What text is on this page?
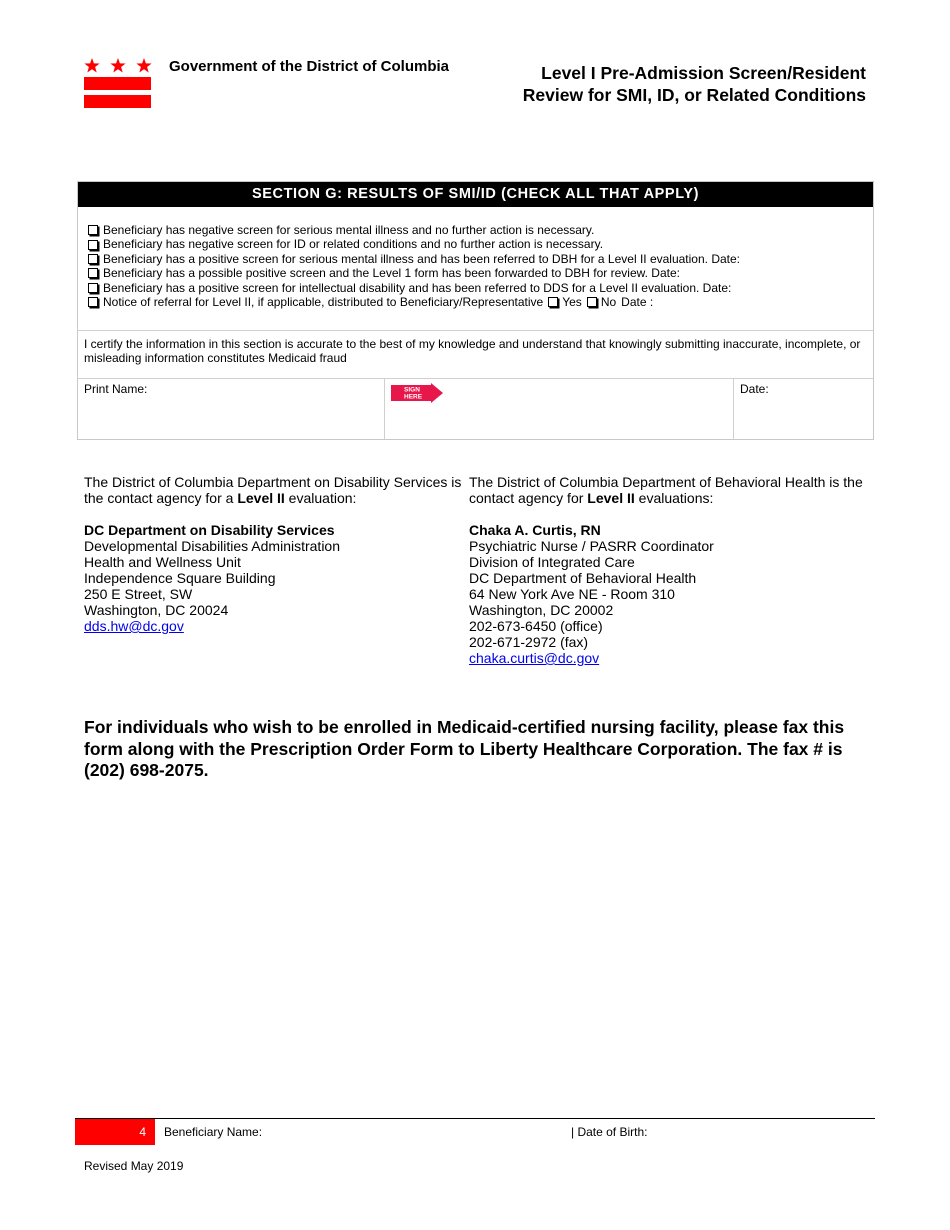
Government of the District of Columbia	Level I Pre-Admission Screen/Resident
Review for SMI, ID, or Related Conditions
SECTION G: RESULTS OF SMI/ID (CHECK ALL THAT APPLY)
Beneficiary has negative screen for serious mental illness and no further action is necessary.
Beneficiary has negative screen for ID or related conditions and no further action is necessary.
Beneficiary has a positive screen for serious mental illness and has been referred to DBH for a Level II evaluation. Date:
Beneficiary has a possible positive screen and the Level 1 form has been forwarded to DBH for review. Date:
Beneficiary has a positive screen for intellectual disability and has been referred to DDS for a Level II evaluation. Date:
Notice of referral for Level II, if applicable, distributed to Beneficiary/Representative Yes No Date :
I certify the information in this section is accurate to the best of my knowledge and understand that knowingly submitting inaccurate, incomplete, or misleading information constitutes Medicaid fraud
Print Name:	SIGN
HERE
Date:

The District of Columbia Department on Disability Services is the contact agency for a Level II evaluation:

DC Department on Disability Services
Developmental Disabilities Administration
Health and Wellness Unit
Independence Square Building
250 E Street, SW
Washington, DC 20024
dds.hw@dc.gov

The District of Columbia Department of Behavioral Health is the contact agency for Level II evaluations:

Chaka A. Curtis, RN
Psychiatric Nurse / PASRR Coordinator
Division of Integrated Care
DC Department of Behavioral Health
64 New York Ave NE - Room 310
Washington, DC 20002
202-673-6450 (office)
202-671-2972 (fax)
chaka.curtis@dc.gov
For individuals who wish to be enrolled in Medicaid-certified nursing facility, please fax this form along with the Prescription Order Form to Liberty Healthcare Corporation. The fax # is (202) 698-2075.
4	Beneficiary Name:	| Date of Birth:
Revised May 2019
